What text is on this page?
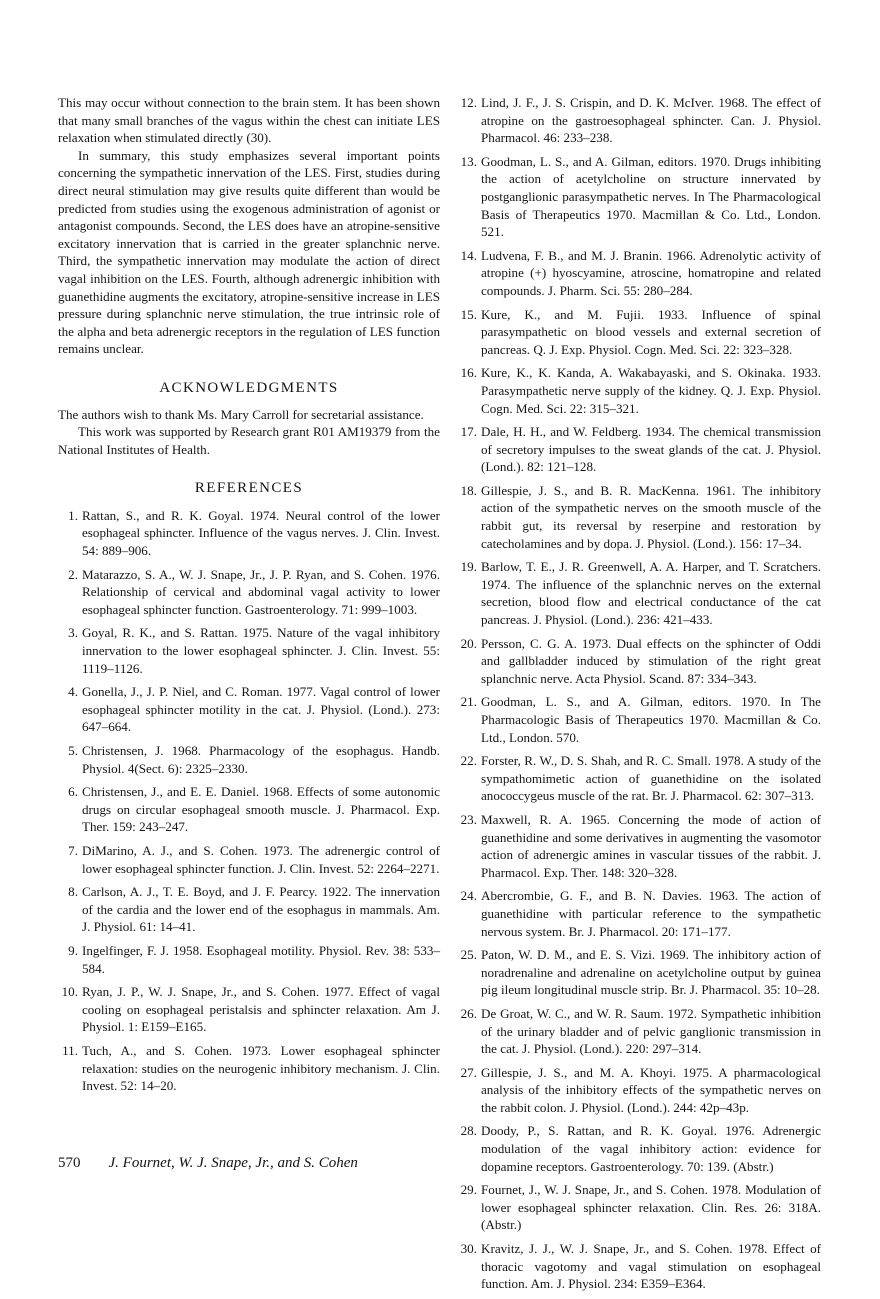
This may occur without connection to the brain stem. It has been shown that many small branches of the vagus within the chest can initiate LES relaxation when stimulated directly (30).

In summary, this study emphasizes several important points concerning the sympathetic innervation of the LES. First, studies during direct neural stimulation may give results quite different than would be predicted from studies using the exogenous administration of agonist or antagonist compounds. Second, the LES does have an atropine-sensitive excitatory innervation that is carried in the greater splanchnic nerve. Third, the sympathetic innervation may modulate the action of direct vagal inhibition on the LES. Fourth, although adrenergic inhibition with guanethidine augments the excitatory, atropine-sensitive increase in LES pressure during splanchnic nerve stimulation, the true intrinsic role of the alpha and beta adrenergic receptors in the regulation of LES function remains unclear.

ACKNOWLEDGMENTS

The authors wish to thank Ms. Mary Carroll for secretarial assistance.

This work was supported by Research grant R01 AM19379 from the National Institutes of Health.

REFERENCES
1. Rattan, S., and R. K. Goyal. 1974. Neural control of the lower esophageal sphincter. Influence of the vagus nerves. J. Clin. Invest. 54: 889–906.
2. Matarazzo, S. A., W. J. Snape, Jr., J. P. Ryan, and S. Cohen. 1976. Relationship of cervical and abdominal vagal activity to lower esophageal sphincter function. Gastroenterology. 71: 999–1003.
3. Goyal, R. K., and S. Rattan. 1975. Nature of the vagal inhibitory innervation to the lower esophageal sphincter. J. Clin. Invest. 55: 1119–1126.
4. Gonella, J., J. P. Niel, and C. Roman. 1977. Vagal control of lower esophageal sphincter motility in the cat. J. Physiol. (Lond.). 273: 647–664.
5. Christensen, J. 1968. Pharmacology of the esophagus. Handb. Physiol. 4(Sect. 6): 2325–2330.
6. Christensen, J., and E. E. Daniel. 1968. Effects of some autonomic drugs on circular esophageal smooth muscle. J. Pharmacol. Exp. Ther. 159: 243–247.
7. DiMarino, A. J., and S. Cohen. 1973. The adrenergic control of lower esophageal sphincter function. J. Clin. Invest. 52: 2264–2271.
8. Carlson, A. J., T. E. Boyd, and J. F. Pearcy. 1922. The innervation of the cardia and the lower end of the esophagus in mammals. Am. J. Physiol. 61: 14–41.
9. Ingelfinger, F. J. 1958. Esophageal motility. Physiol. Rev. 38: 533–584.
10. Ryan, J. P., W. J. Snape, Jr., and S. Cohen. 1977. Effect of vagal cooling on esophageal peristalsis and sphincter relaxation. Am J. Physiol. 1: E159–E165.
11. Tuch, A., and S. Cohen. 1973. Lower esophageal sphincter relaxation: studies on the neurogenic inhibitory mechanism. J. Clin. Invest. 52: 14–20.
12. Lind, J. F., J. S. Crispin, and D. K. McIver. 1968. The effect of atropine on the gastroesophageal sphincter. Can. J. Physiol. Pharmacol. 46: 233–238.
13. Goodman, L. S., and A. Gilman, editors. 1970. Drugs inhibiting the action of acetylcholine on structure innervated by postganglionic parasympathetic nerves. In The Pharmacological Basis of Therapeutics 1970. Macmillan & Co. Ltd., London. 521.
14. Ludvena, F. B., and M. J. Branin. 1966. Adrenolytic activity of atropine (+) hyoscyamine, atroscine, homatropine and related compounds. J. Pharm. Sci. 55: 280–284.
15. Kure, K., and M. Fujii. 1933. Influence of spinal parasympathetic on blood vessels and external secretion of pancreas. Q. J. Exp. Physiol. Cogn. Med. Sci. 22: 323–328.
16. Kure, K., K. Kanda, A. Wakabayaski, and S. Okinaka. 1933. Parasympathetic nerve supply of the kidney. Q. J. Exp. Physiol. Cogn. Med. Sci. 22: 315–321.
17. Dale, H. H., and W. Feldberg. 1934. The chemical transmission of secretory impulses to the sweat glands of the cat. J. Physiol. (Lond.). 82: 121–128.
18. Gillespie, J. S., and B. R. MacKenna. 1961. The inhibitory action of the sympathetic nerves on the smooth muscle of the rabbit gut, its reversal by reserpine and restoration by catecholamines and by dopa. J. Physiol. (Lond.). 156: 17–34.
19. Barlow, T. E., J. R. Greenwell, A. A. Harper, and T. Scratchers. 1974. The influence of the splanchnic nerves on the external secretion, blood flow and electrical conductance of the cat pancreas. J. Physiol. (Lond.). 236: 421–433.
20. Persson, C. G. A. 1973. Dual effects on the sphincter of Oddi and gallbladder induced by stimulation of the right great splanchnic nerve. Acta Physiol. Scand. 87: 334–343.
21. Goodman, L. S., and A. Gilman, editors. 1970. In The Pharmacologic Basis of Therapeutics 1970. Macmillan & Co. Ltd., London. 570.
22. Forster, R. W., D. S. Shah, and R. C. Small. 1978. A study of the sympathomimetic action of guanethidine on the isolated anococcygeus muscle of the rat. Br. J. Pharmacol. 62: 307–313.
23. Maxwell, R. A. 1965. Concerning the mode of action of guanethidine and some derivatives in augmenting the vasomotor action of adrenergic amines in vascular tissues of the rabbit. J. Pharmacol. Exp. Ther. 148: 320–328.
24. Abercrombie, G. F., and B. N. Davies. 1963. The action of guanethidine with particular reference to the sympathetic nervous system. Br. J. Pharmacol. 20: 171–177.
25. Paton, W. D. M., and E. S. Vizi. 1969. The inhibitory action of noradrenaline and adrenaline on acetylcholine output by guinea pig ileum longitudinal muscle strip. Br. J. Pharmacol. 35: 10–28.
26. De Groat, W. C., and W. R. Saum. 1972. Sympathetic inhibition of the urinary bladder and of pelvic ganglionic transmission in the cat. J. Physiol. (Lond.). 220: 297–314.
27. Gillespie, J. S., and M. A. Khoyi. 1975. A pharmacological analysis of the inhibitory effects of the sympathetic nerves on the rabbit colon. J. Physiol. (Lond.). 244: 42p–43p.
28. Doody, P., S. Rattan, and R. K. Goyal. 1976. Adrenergic modulation of the vagal inhibitory action: evidence for dopamine receptors. Gastroenterology. 70: 139. (Abstr.)
29. Fournet, J., W. J. Snape, Jr., and S. Cohen. 1978. Modulation of lower esophageal sphincter relaxation. Clin. Res. 26: 318A. (Abstr.)
30. Kravitz, J. J., W. J. Snape, Jr., and S. Cohen. 1978. Effect of thoracic vagotomy and vagal stimulation on esophageal function. Am. J. Physiol. 234: E359–E364.
570 J. Fournet, W. J. Snape, Jr., and S. Cohen
